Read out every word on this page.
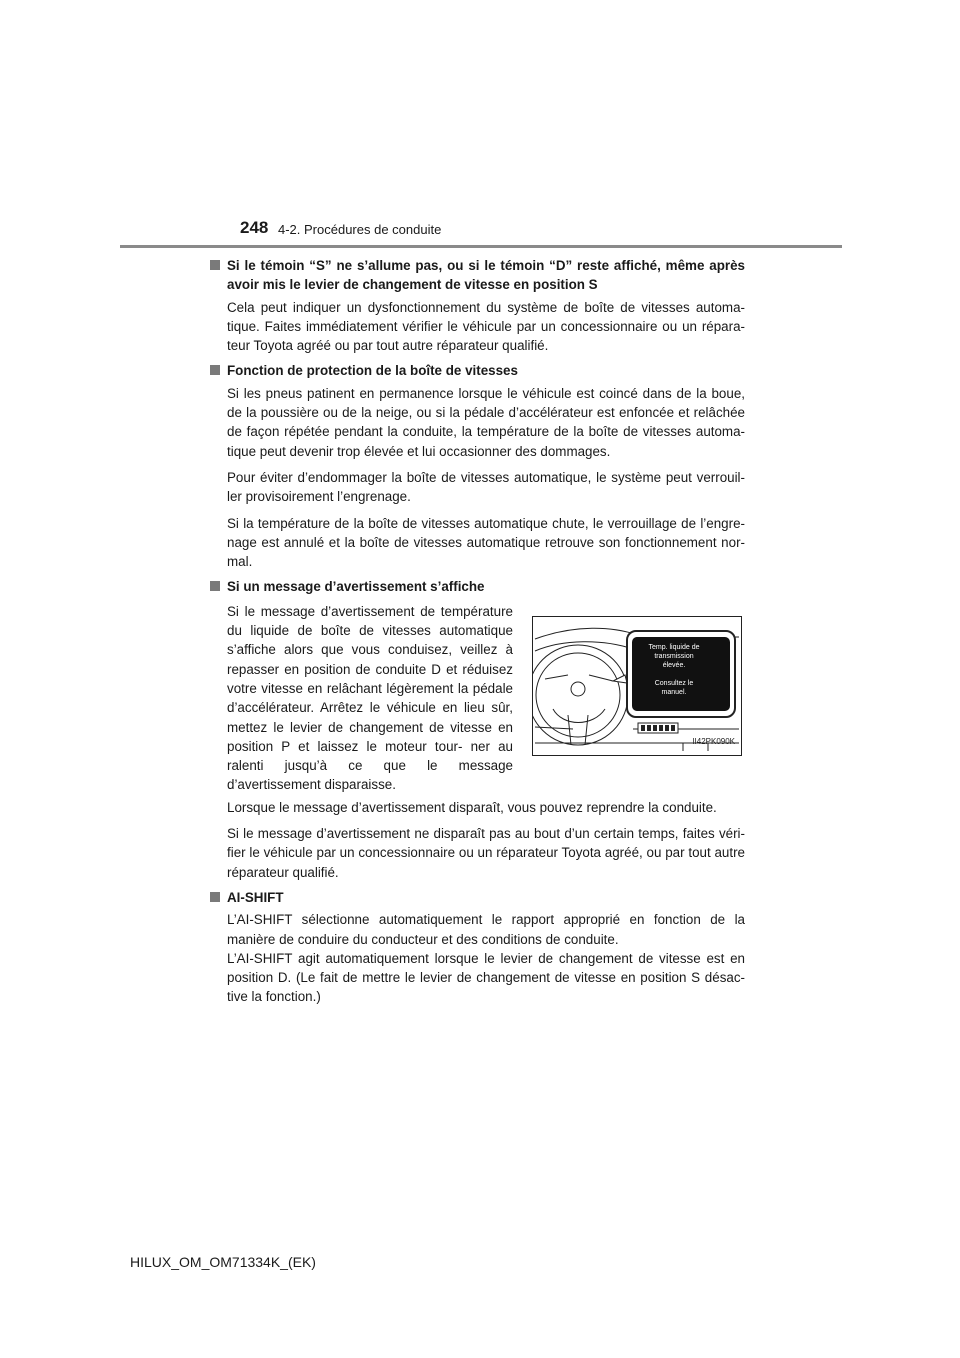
248 4-2. Procédures de conduite
Si le témoin “S” ne s’allume pas, ou si le témoin “D” reste affiché, même après avoir mis le levier de changement de vitesse en position S
Cela peut indiquer un dysfonctionnement du système de boîte de vitesses automa- tique. Faites immédiatement vérifier le véhicule par un concessionnaire ou un répara- teur Toyota agréé ou par tout autre réparateur qualifié.
Fonction de protection de la boîte de vitesses
Si les pneus patinent en permanence lorsque le véhicule est coincé dans de la boue, de la poussière ou de la neige, ou si la pédale d’accélérateur est enfoncée et relâchée de façon répétée pendant la conduite, la température de la boîte de vitesses automa- tique peut devenir trop élevée et lui occasionner des dommages.
Pour éviter d’endommager la boîte de vitesses automatique, le système peut verrouil- ler provisoirement l’engrenage.
Si la température de la boîte de vitesses automatique chute, le verrouillage de l’engre- nage est annulé et la boîte de vitesses automatique retrouve son fonctionnement nor- mal.
Si un message d’avertissement s’affiche
Si le message d’avertissement de température du liquide de boîte de vitesses automatique s’affiche alors que vous conduisez, veillez à repasser en position de conduite D et réduisez votre vitesse en relâchant légèrement la pédale d’accélérateur. Arrêtez le véhicule en lieu sûr, mettez le levier de changement de vitesse en position P et laissez le moteur tour- ner au ralenti jusqu’à ce que le message d’avertissement disparaisse.
Temp. liquide de
transmission
élevée.

Consultez le
manuel.
II42PK090K
Lorsque le message d’avertissement disparaît, vous pouvez reprendre la conduite.
Si le message d’avertissement ne disparaît pas au bout d’un certain temps, faites véri- fier le véhicule par un concessionnaire ou un réparateur Toyota agréé, ou par tout autre réparateur qualifié.
AI-SHIFT
L’AI-SHIFT sélectionne automatiquement le rapport approprié en fonction de la manière de conduire du conducteur et des conditions de conduite.
L’AI-SHIFT agit automatiquement lorsque le levier de changement de vitesse est en position D. (Le fait de mettre le levier de changement de vitesse en position S désac- tive la fonction.)
HILUX_OM_OM71334K_(EK)
